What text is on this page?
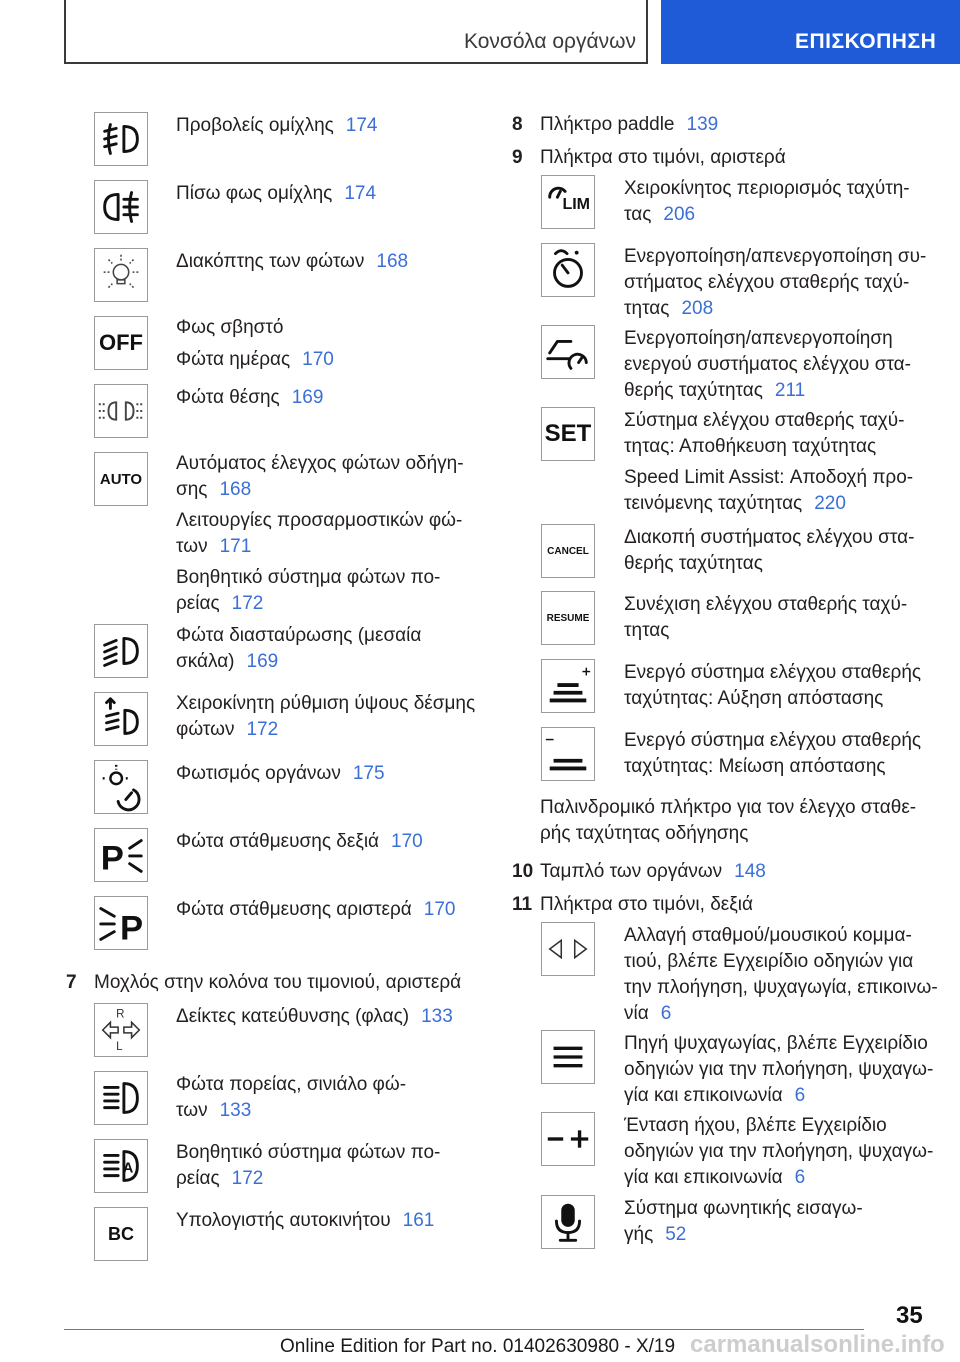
Κονσόλα οργάνων	ΕΠΙΣΚΟΠΗΣΗ
Προβολείς ομίχλης 174
Πίσω φως ομίχλης 174
Διακόπτης των φώτων 168
OFF
Φως σβηστό
Φώτα ημέρας 170
Φώτα θέσης 169
AUTO
Αυτόματος έλεγχος φώτων οδήγη-
σης 168
Λειτουργίες προσαρμοστικών φώ-
των 171
Βοηθητικό σύστημα φώτων πο-
ρείας 172
Φώτα διασταύρωσης (μεσαία
σκάλα) 169
Χειροκίνητη ρύθμιση ύψους δέσμης
φώτων 172
Φωτισμός οργάνων 175
P	Φώτα στάθμευσης δεξιά 170
P Φώτα στάθμευσης αριστερά 170
7 Μοχλός στην κολόνα του τιμονιού, αριστερά
R
L
Δείκτες κατεύθυνσης (φλας) 133
Φώτα πορείας, σινιάλο φώ-
των 133
A
Βοηθητικό σύστημα φώτων πο-
ρείας 172
BC
Υπολογιστής αυτοκινήτου 161
8 Πλήκτρο paddle 139
9 Πλήκτρα στο τιμόνι, αριστερά
LIM
Χειροκίνητος περιορισμός ταχύτη-
τας 206
Ενεργοποίηση/απενεργοποίηση συ-
στήματος ελέγχου σταθερής ταχύ-
τητας 208
Ενεργοποίηση/απενεργοποίηση
ενεργού συστήματος ελέγχου στα-
θερής ταχύτητας 211
SET Σύστημα ελέγχου σταθερής ταχύ-
τητας: Αποθήκευση ταχύτητας
Speed Limit Assist: Αποδοχή προ-
τεινόμενης ταχύτητας 220
CANCEL
Διακοπή συστήματος ελέγχου στα-
θερής ταχύτητας
RESUME
Συνέχιση ελέγχου σταθερής ταχύ-
τητας
Ενεργό σύστημα ελέγχου σταθερής
ταχύτητας: Αύξηση απόστασης
Ενεργό σύστημα ελέγχου σταθερής
ταχύτητας: Μείωση απόστασης
Παλινδρομικό πλήκτρο για τον έλεγχο σταθε-
ρής ταχύτητας οδήγησης
10 Ταμπλό των οργάνων 148
11 Πλήκτρα στο τιμόνι, δεξιά
Αλλαγή σταθμού/μουσικού κομμα-
τιού, βλέπε Εγχειρίδιο οδηγιών για
την πλοήγηση, ψυχαγωγία, επικοινω-
νία 6
Πηγή ψυχαγωγίας, βλέπε Εγχειρίδιο
οδηγιών για την πλοήγηση, ψυχαγω-
γία και επικοινωνία 6
Ένταση ήχου, βλέπε Εγχειρίδιο
οδηγιών για την πλοήγηση, ψυχαγω-
γία και επικοινωνία 6
Σύστημα φωνητικής εισαγω-
γής 52
35
Online Edition for Part no. 01402630980 - X/19 carmanualsonline.info
